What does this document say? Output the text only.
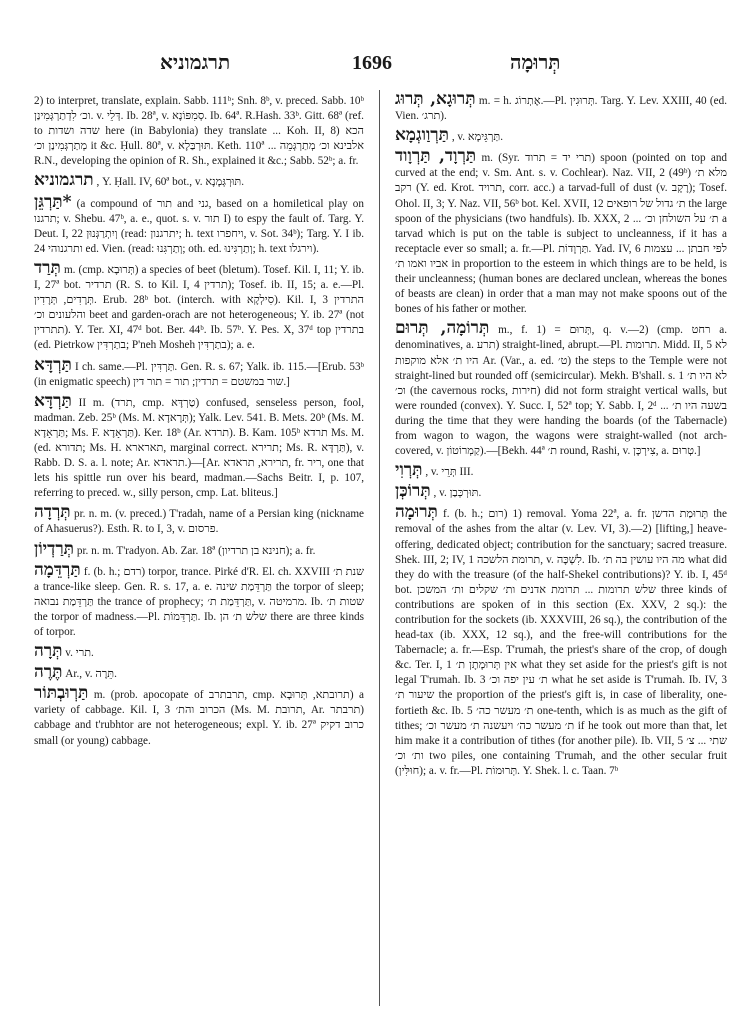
תרגמוניא	1696	תְּרוּמָה

2) to interpret, translate, explain. Sabb. 111ᵇ; Snh. 8ᵇ, v. preced. Sabb. 10ᵇ וכ׳ לִדְתַרְגְּמִינַן. v. דְּלֵי. Ib. 28ª, v. סְמִפּוֹנָא. Ib. 64ª. R.Hash. 33ᵇ. Gitt. 68ª (ref. to שדה ושדות here (in Babylonia) they translate ... Koh. II, 8) הכא מְתַרְגְּמִינַן וכ׳ it &c. Ḥull. 80ª, v. תּוּרְבַּלָא. Keth. 110ª ... אלבינא וכ׳ מְתַרְגְּמֵה R.N., developing the opinion of R. Sh., explained it &c.; Sabb. 52ᵇ; a. fr.

תרגמוניא , Y. Ḥall. IV, 60ª bot., v. תּוּרְגְּמָנָא.

*תַּרְגֵּן (a compound of תור and גני, based on a homiletical play on תרגנו; v. Shebu. 47ᵇ, a. e., quot. s. v. תור I) to espy the fault of. Targ. Y. Deut. I, 22 וְיִתְרַגְּנוּן (read: יתרגנון; h. text ויחפרו, v. Sot. 34ᵇ); Targ. Y. I ib. 24 ותרגנוהי ed. Vien. (read: וְתַרְגִּנוּ; oth. ed. וְתַרְגִּינוּ; h. text וירגלו).

תְּרַד m. (cmp. תְּרוּבָא) a species of beet (bletum). Tosef. Kil. I, 11; Y. ib. I, 27ª bot. תרדיר (R. S. to Kil. I, 4 תרדין); Tosef. ib. II, 15; a. e.—Pl. תְּרָדִים, תְּרָדִין. Erub. 28ᵇ bot. (interch. with סִילְקָא). Kil. I, 3 התרדין והלעונים וכ׳ beet and garden-orach are not heterogeneous; Y. ib. 27ª (not תתרדין). Y. Ter. XI, 47ᵈ bot. Ber. 44ᵇ. Ib. 57ᵇ. Y. Pes. X, 37ᵈ top בתרדין (ed. Pietrkow בתַרְדִּין; P'neh Mosheh בתַרְדִּין); a. e.

תַּרְדָּא I ch. same.—Pl. תַּרְדִּין. Gen. R. s. 67; Yalk. ib. 115.—[Erub. 53ᵇ (in enigmatic speech) שור במשטם = תרדין; תור = תור דין.]

תַּרְדָּא II m. (תרד, cmp. טַרְדָּא) confused, senseless person, fool, madman. Zeb. 25ᵇ (Ms. M. תְּרָאדָא); Yalk. Lev. 541. B. Mets. 20ᵇ (Ms. M. תַּרְאָדָא; Ms. F. תַּרְאָדָא). Ker. 18ᵇ (Ar. תרדא). B. Kam. 105ᵇ תרדא Ms. M. (ed. תדורא; Ms. H. תארארא, marginal correct. תרירא; Ms. R. תַּרְדָּא), v. Rabb. D. S. a. l. note; Ar. תראדא.)—[Ar. תרירא, תראדא, fr. ריר, one that lets his spittle run over his beard, madman.—Sachs Beitr. I, p. 107, referring to preced. w., silly person, cmp. Lat. bliteus.]

תְּרְדָה pr. n. m. (v. preced.) T'radah, name of a Persian king (nickname of Ahasuerus?). Esth. R. to I, 3, v. פרסום.

תְּרַדְיוֹן pr. n. m. T'radyon. Ab. Zar. 18ª (חנינא בן תרדיון); a. fr.

תַּרְדֵּמָה f. (b. h.; רדם) torpor, trance. Pirké d'R. El. ch. XXVIII שנת ת׳ a trance-like sleep. Gen. R. s. 17, a. e. תַּרְדֵּמַת שינה the torpor of sleep; תַּרְדֵּמַת נבואה the trance of prophecy; תַּרְדֵּמַת ת׳, v. מרמיטה. Ib. שטות ת׳ the torpor of madness.—Pl. תַּרְדֵּמוֹת. Ib. שלש ת׳ הן there are three kinds of torpor.

תְּרָה v. תרי.

תֶּרֶה Ar., v. תֵּרֶה.

תַּרְוּבְתּוֹר m. (prob. apocopate of תרבתרב, cmp. תרובתא, תְּרוּבָא) a variety of cabbage. Kil. I, 3 הכרוב והת׳ (Ms. M. תרובת, Ar. תרבתר) cabbage and t'rubhtor are not heterogeneous; expl. Y. ib. 27ª כרוב דקיק small (or young) cabbage.

תְּרוּגָא, תְּרוּג m. = h. אֶתְרוֹג.—Pl. תְּרוּגִין. Targ. Y. Lev. XXIII, 40 (ed. Vien. תרג׳).

תַּרְוַוגְמָא , v. תַּרְגֵּימָא.

תַּרְוָד, תַּרְוָוד m. (Syr. תרי יד = תרוד) spoon (pointed on top and curved at the end; v. Sm. Ant. s. v. Cochlear). Naz. VII, 2 (49ᵇ) מלא ת׳ רקב (Y. ed. Krot. תרויד, corr. acc.) a tarvad-full of dust (v. רָקָב); Tosef. Ohol. II, 3; Y. Naz. VII, 56ᵇ bot. Kel. XVII, 12 ת׳ גדול של רופאים the large spoon of the physicians (two handfuls). Ib. XXX, 2 ... ת׳ על השולחן וכ׳ a tarvad which is put on the table is subject to uncleanness, if it has a receptacle ever so small; a. fr.—Pl. תַּרְוָדוֹת. Yad. IV, 6 לפי חבתן ... עצמות אביו ואמו ת׳ in proportion to the esteem in which things are to be held, is their uncleanness; (human bones are declared unclean, whereas the bones of beasts are clean) in order that a man may not make spoons out of the bones of his father or mother.

תְּרוֹמָה, תְּרוּם m., f. 1) = תְּרוּם, q. v.—2) (cmp. רחט a. denominatives, a. תרע) straight-lined, abrupt.—Pl. תרומות. Midd. II, 5 לא היו ת׳ אלא מוקפות Ar. (Var., a. ed. ט׳) the steps to the Temple were not straight-lined but rounded off (semicircular). Mekh. B'shall. s. 1 לא היו ת׳ וכ׳ (the cavernous rocks, חירות) did not form straight vertical walls, but were rounded (convex). Y. Succ. I, 52ª top; Y. Sabb. I, 2ᵈ ... בשעה היו ת׳ during the time that they were handing the boards (of the Tabernacle) from wagon to wagon, the wagons were straight-walled (not arch-covered, v. קַמְרוֹטוֹן).—[Bekh. 44ª ת׳ round, Rashi, v. צִירְכָּן, a. טְרוּם.]

תְּרְוִי , v. תְּרֵי III.

תְּרוֹכְּן , v. תּוּרְכְּבַן.

תְּרוּמָה f. (b. h.; רום) 1) removal. Yoma 22ª, a. fr. תְּרוּמַת הדשן the removal of the ashes from the altar (v. Lev. VI, 3).—2) [lifting,] heave-offering, dedicated object; contribution for the sanctuary; sacred treasure. Shek. III, 2; IV, 1 תרומת הלשכה, v. לִשְׁכָּה. Ib. מה היו עושין בה ת׳ what did they do with the treasure (of the half-Shekel contributions)? Y. ib. I, 45ᵈ bot. שלש תרומות ... תרומת אדנים ות׳ שקלים ות׳ המשכן three kinds of contributions are spoken of in this section (Ex. XXV, 2 sq.): the contribution for the sockets (ib. XXXVIII, 26 sq.), the contribution of the head-tax (ib. XXX, 12 sq.), and the free-will contributions for the Tabernacle; a. fr.—Esp. T'rumah, the priest's share of the crop, of dough &c. Ter. I, 1 אין תְּרוּמָתָן ת׳ what they set aside for the priest's gift is not legal T'rumah. Ib. 3 ת׳ עין יפה וכ׳ what he set aside is T'rumah. Ib. IV, 3 שיעור ת׳ the proportion of the priest's gift is, in case of liberality, one-fortieth &c. Ib. 5 ת׳ מעשר כה׳ one-tenth, which is as much as the gift of tithes; ת׳ מעשר כה׳ ויעשנה ת׳ מעשר וכ׳ if he took out more than that, let him make it a contribution of tithes (for another pile). Ib. VII, 5 שתי ... צ׳ ות׳ וכ׳ two piles, one containing T'rumah, and the other secular fruit (חוּלִּין); a. v. fr.—Pl. תְּרוּמוֹת. Y. Shek. l. c. Taan. 7ᵇ
